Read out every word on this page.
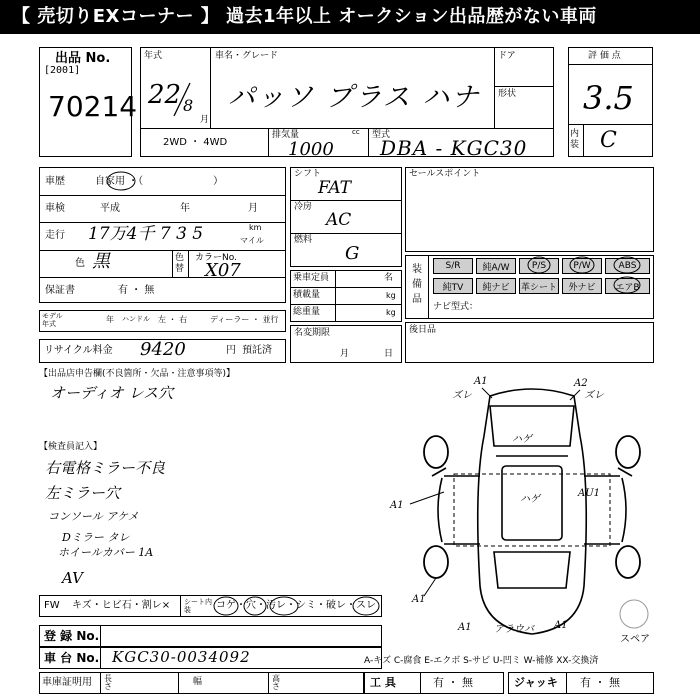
【 売切りEXコーナー 】 過去1年以上 オークション出品歴がない車両
出品 No.
[2001]
70214
年式
22 8
月
車名・グレード
パッソ プラス ハナ
ドア
形状
2WD ・ 4WD
排気量	cc
1000
型式
DBA - KGC30
評 価 点
3.5
内装 C
車歴	自家用 ・（　　　　　　　）
車検	平成	年	月
走行 17万4千 7 3 5	km
マイル
色 黒	色替
カラーNo.
X07
保証書	有 ・ 無
モデル年式	年 ハンドル 左 ・ 右	ディーラー ・ 並行
リサイクル料金 9420	円 預託済
シフト
FAT
冷房
AC
燃料
G
乗車定員	名
積載量	kg
総重量	kg
名変期限
月	日
セールスポイント
装備品
S/R	純A/W	P/S	P/W	ABS
純TV	純ナビ	革シート	外ナビ	エアB
ナビ型式：
後日品
【出品店申告欄(不良箇所・欠品・注意事項等)】
オーディオ レス穴
【検査員記入】
右電格ミラー不良
左ミラー穴
コンソール アケメ
Dミラー タレ
ホイールカバー 1A
AV
FW キズ・ヒビ石・割レ× シート内装	コゲ・穴・汚レ・シミ・破レ・スレ
登 録 No.
車 台 No. KGC30-0034092
車庫証明用 長さ	幅	高さ
A-キズ C-腐食 E-エクボ S-サビ U-凹ミ W-補修 XX-交換済
工 具	有 ・ 無	ジャッキ 有 ・ 無
A1	A2
ズレ	ズレ
ハゲ
ハゲ
AU1
A1
A1
A1	A1
アラウバ
スペア
